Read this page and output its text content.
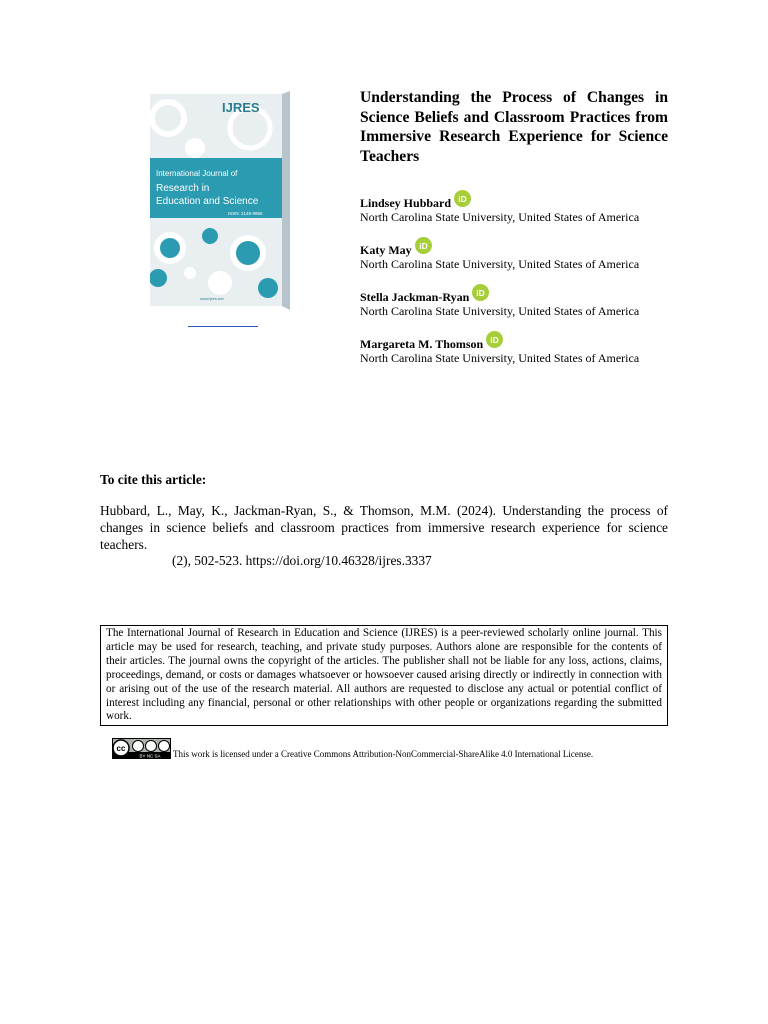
IJRES
International Journal of
Research in
Education and Science
ISSN: 2148-9955
www.ijres.net
Understanding the Process of Changes in Science Beliefs and Classroom Practices from Immersive Research Experience for Science Teachers
Lindsey Hubbard iD
North Carolina State University, United States of America
Katy May iD
North Carolina State University, United States of America
Stella Jackman-Ryan iD
North Carolina State University, United States of America
Margareta M. Thomson iD
North Carolina State University, United States of America
To cite this article:

Hubbard, L., May, K., Jackman-Ryan, S., & Thomson, M.M. (2024). Understanding the process of changes in science beliefs and classroom practices from immersive research experience for science teachers.

(2), 502-523. https://doi.org/10.46328/ijres.3337
The International Journal of Research in Education and Science (IJRES) is a peer-reviewed scholarly online journal. This article may be used for research, teaching, and private study purposes. Authors alone are responsible for the contents of their articles. The journal owns the copyright of the articles. The publisher shall not be liable for any loss, actions, claims, proceedings, demand, or costs or damages whatsoever or howsoever caused arising directly or indirectly in connection with or arising out of the use of the research material. All authors are requested to disclose any actual or potential conflict of interest including any financial, personal or other relationships with other people or organizations regarding the submitted work.
cc
BY NC SA This work is licensed under a Creative Commons Attribution-NonCommercial-ShareAlike 4.0 International License.
